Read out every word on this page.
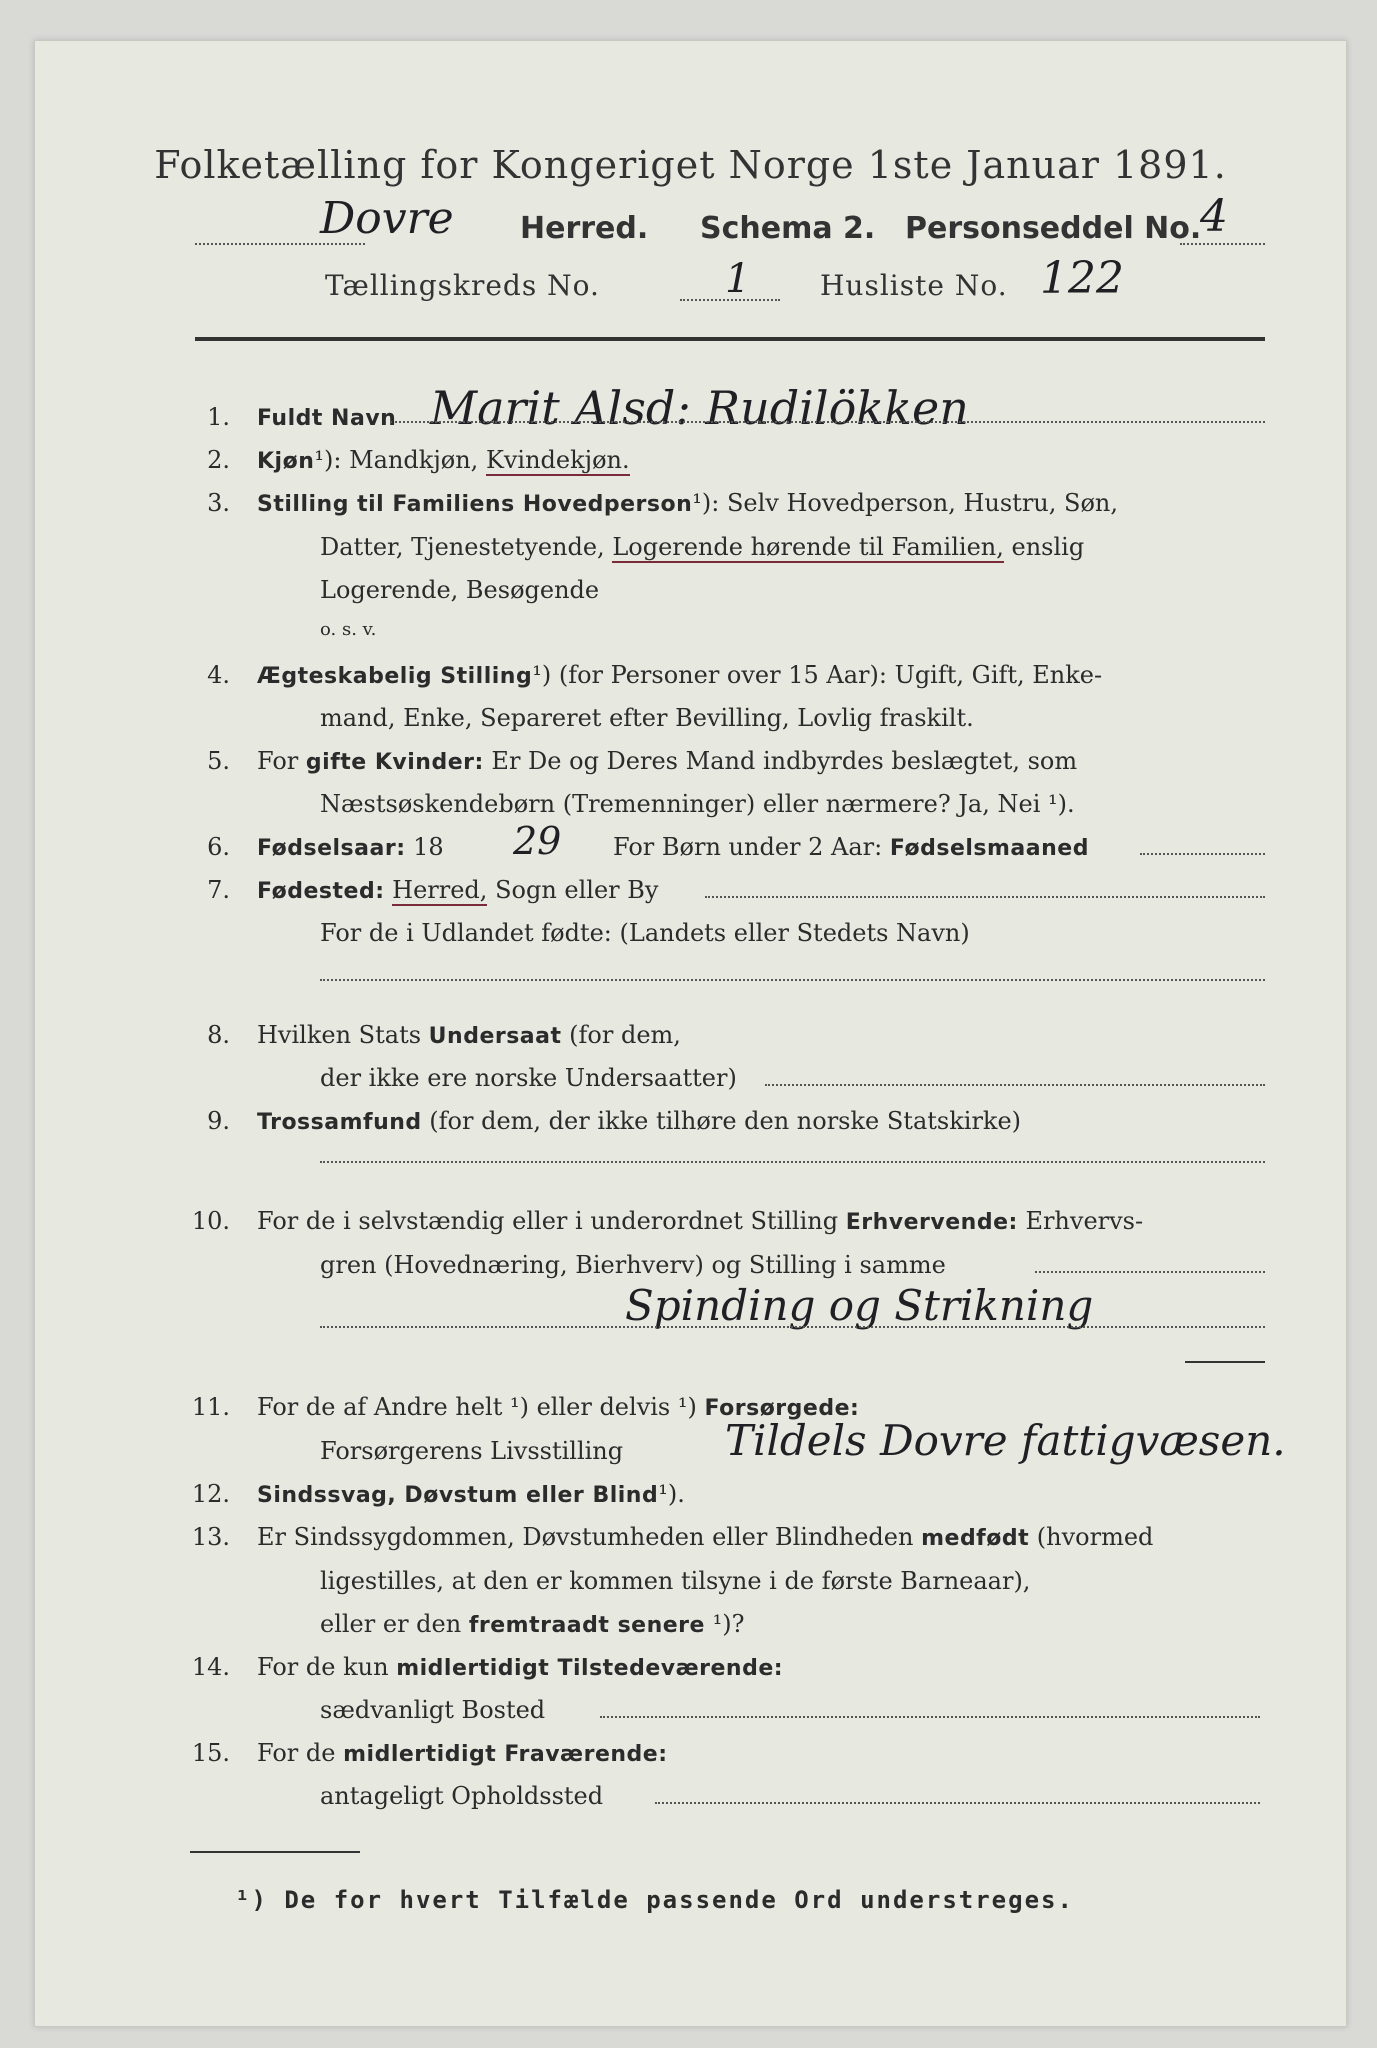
Folketælling for Kongeriget Norge 1ste Januar 1891.
Dovre Herred. Schema 2. Personseddel No.
4
Tællingskreds No.	1 Husliste No. 122
1. Fuldt Navn Marit Alsd: Rudilökken
2. Kjøn¹): Mandkjøn, Kvindekjøn.
3. Stilling til Familiens Hovedperson¹): Selv Hovedperson, Hustru, Søn,
Datter, Tjenestetyende, Logerende hørende til Familien, enslig
Logerende, Besøgende
o. s. v.
4. Ægteskabelig Stilling¹) (for Personer over 15 Aar): Ugift, Gift, Enke-
mand, Enke, Separeret efter Bevilling, Lovlig fraskilt.
5. For gifte Kvinder: Er De og Deres Mand indbyrdes beslægtet, som
Næstsøskendebørn (Tremenninger) eller nærmere? Ja, Nei ¹).
6. Fødselsaar: 18 29 For Børn under 2 Aar: Fødselsmaaned
7. Fødested: Herred, Sogn eller By
For de i Udlandet fødte: (Landets eller Stedets Navn)
8. Hvilken Stats Undersaat (for dem,
der ikke ere norske Undersaatter)
9. Trossamfund (for dem, der ikke tilhøre den norske Statskirke)
10. For de i selvstændig eller i underordnet Stilling Erhvervende: Erhvervs-
gren (Hovednæring, Bierhverv) og Stilling i samme
Spinding og Strikning
11. For de af Andre helt ¹) eller delvis ¹) Forsørgede:
Forsørgerens Livsstilling Tildels Dovre fattigvæsen.
12. Sindssvag, Døvstum eller Blind¹).
13. Er Sindssygdommen, Døvstumheden eller Blindheden medfødt (hvormed
ligestilles, at den er kommen tilsyne i de første Barneaar),
eller er den fremtraadt senere ¹)?
14. For de kun midlertidigt Tilstedeværende:
sædvanligt Bosted
15. For de midlertidigt Fraværende:
antageligt Opholdssted
¹) De for hvert Tilfælde passende Ord understreges.
